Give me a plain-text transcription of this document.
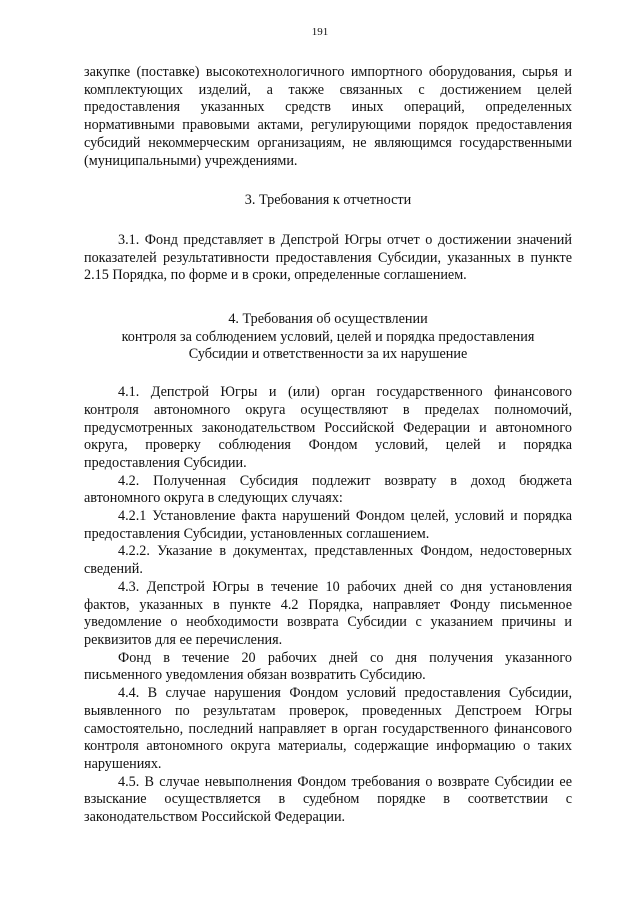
191

закупке (поставке) высокотехнологичного импортного оборудования, сырья и комплектующих изделий, а также связанных с достижением целей предоставления указанных средств иных операций, определенных нормативными правовыми актами, регулирующими порядок предоставления субсидий некоммерческим организациям, не являющимся государственными (муниципальными) учреждениями.

3. Требования к отчетности

3.1. Фонд представляет в Депстрой Югры отчет о достижении значений показателей результативности предоставления Субсидии, указанных в пункте 2.15 Порядка, по форме и в сроки, определенные соглашением.

4. Требования об осуществлении

контроля за соблюдением условий, целей и порядка предоставления

Субсидии и ответственности за их нарушение

4.1. Депстрой Югры и (или) орган государственного финансового контроля автономного округа осуществляют в пределах полномочий, предусмотренных законодательством Российской Федерации и автономного округа, проверку соблюдения Фондом условий, целей и порядка предоставления Субсидии.

4.2. Полученная Субсидия подлежит возврату в доход бюджета автономного округа в следующих случаях:

4.2.1 Установление факта нарушений Фондом целей, условий и порядка предоставления Субсидии, установленных соглашением.

4.2.2. Указание в документах, представленных Фондом, недостоверных сведений.

4.3. Депстрой Югры в течение 10 рабочих дней со дня установления фактов, указанных в пункте 4.2 Порядка, направляет Фонду письменное уведомление о необходимости возврата Субсидии с указанием причины и реквизитов для ее перечисления.

Фонд в течение 20 рабочих дней со дня получения указанного письменного уведомления обязан возвратить Субсидию.

4.4. В случае нарушения Фондом условий предоставления Субсидии, выявленного по результатам проверок, проведенных Депстроем Югры самостоятельно, последний направляет в орган государственного финансового контроля автономного округа материалы, содержащие информацию о таких нарушениях.

4.5. В случае невыполнения Фондом требования о возврате Субсидии ее взыскание осуществляется в судебном порядке в соответствии с законодательством Российской Федерации.
